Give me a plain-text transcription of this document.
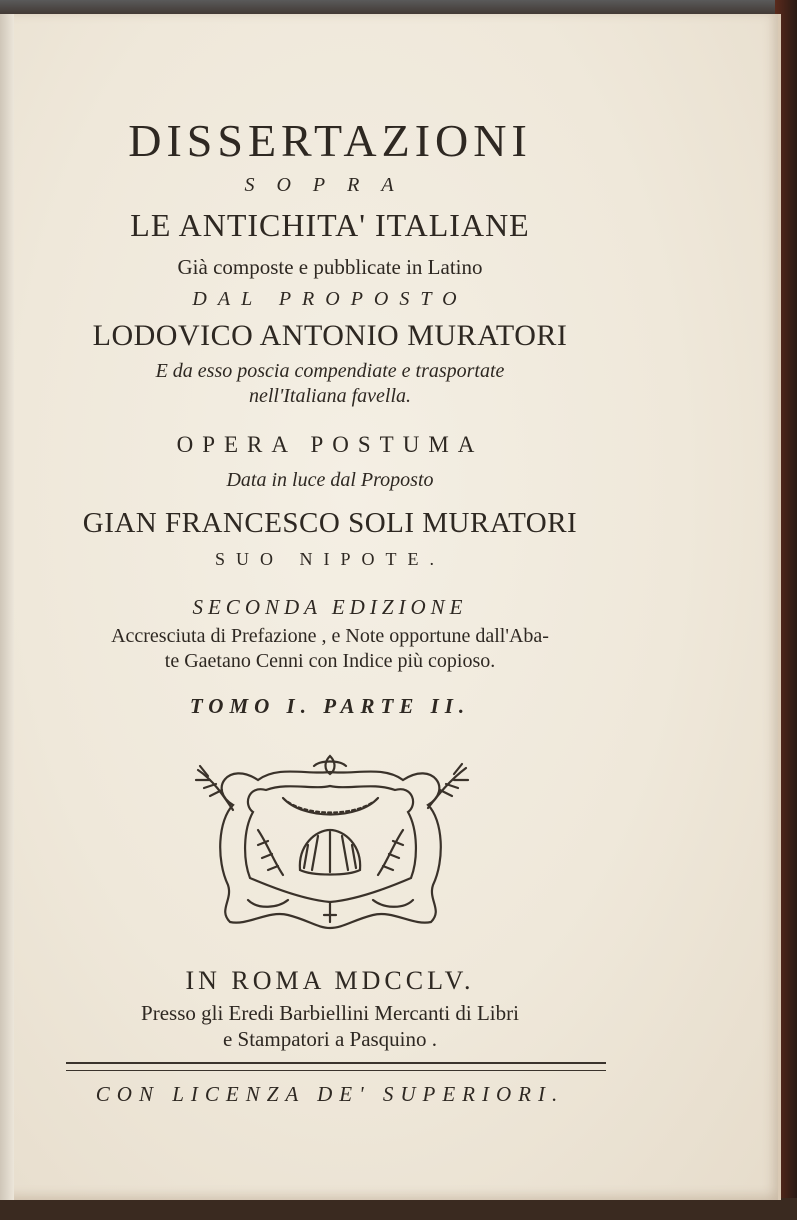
DISSERTAZIONI
SOPRA
LE ANTICHITA' ITALIANE
Già composte e pubblicate in Latino
DAL PROPOSTO
LODOVICO ANTONIO MURATORI
E da esso poscia compendiate e trasportate
nell'Italiana favella.
OPERA POSTUMA
Data in luce dal Proposto
GIAN FRANCESCO SOLI MURATORI
SUO NIPOTE.
SECONDA EDIZIONE
Accresciuta di Prefazione , e Note opportune dall'Aba-
te Gaetano Cenni con Indice più copioso.
TOMO I. PARTE II.
IN ROMA MDCCLV.
Presso gli Eredi Barbiellini Mercanti di Libri
e Stampatori a Pasquino .
CON LICENZA DE' SUPERIORI.
